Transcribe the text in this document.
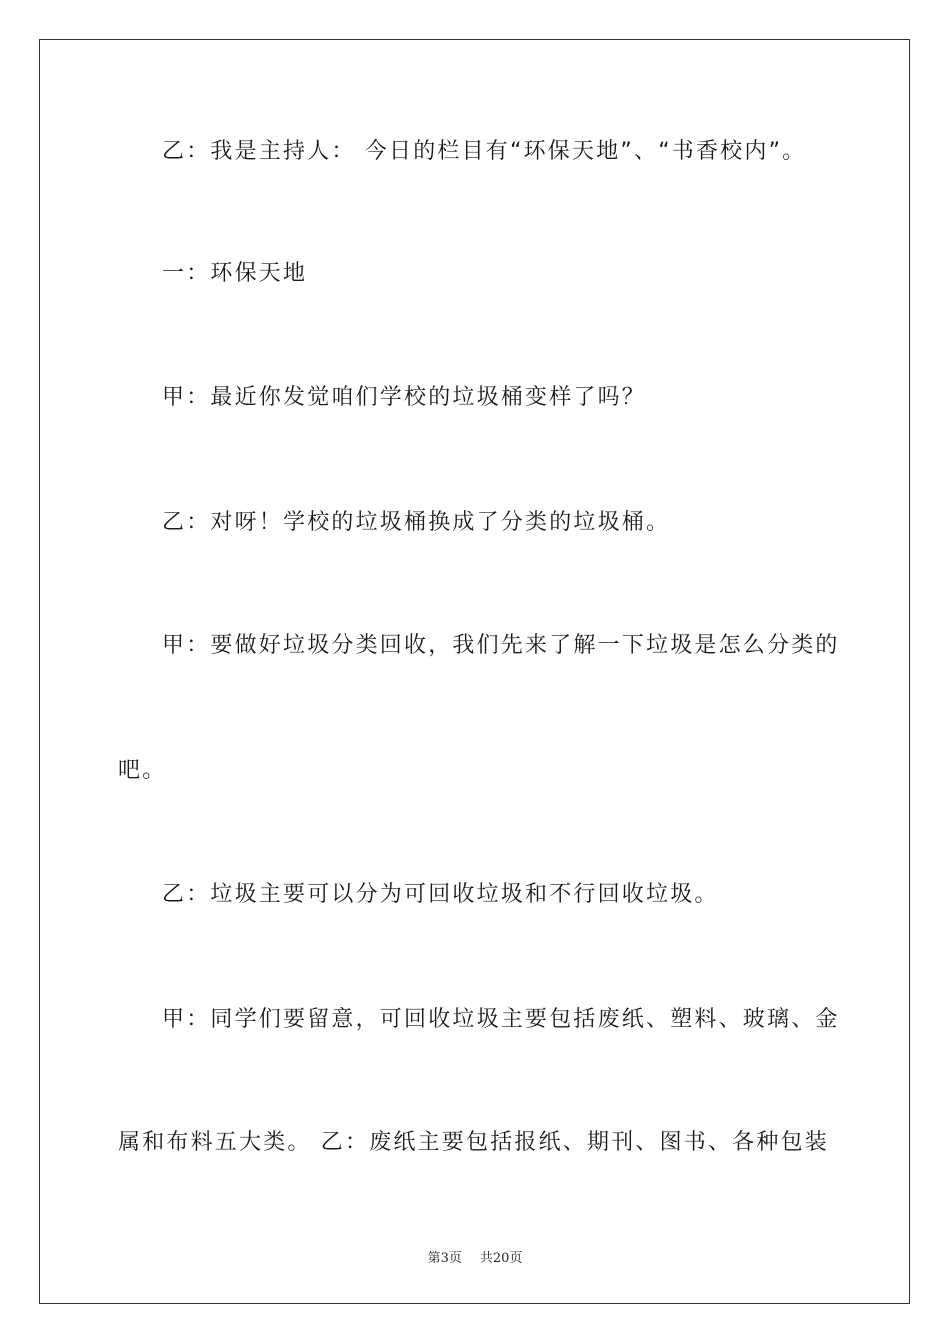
乙：我是主持人： 今日的栏目有“环保天地”、“书香校内”。
一：环保天地
甲：最近你发觉咱们学校的垃圾桶变样了吗？
乙：对呀！学校的垃圾桶换成了分类的垃圾桶。
甲：要做好垃圾分类回收，我们先来了解一下垃圾是怎么分类的
吧。
乙：垃圾主要可以分为可回收垃圾和不行回收垃圾。
甲：同学们要留意，可回收垃圾主要包括废纸、塑料、玻璃、金
属和布料五大类。 乙：废纸主要包括报纸、期刊、图书、各种包装
第3页 共20页
